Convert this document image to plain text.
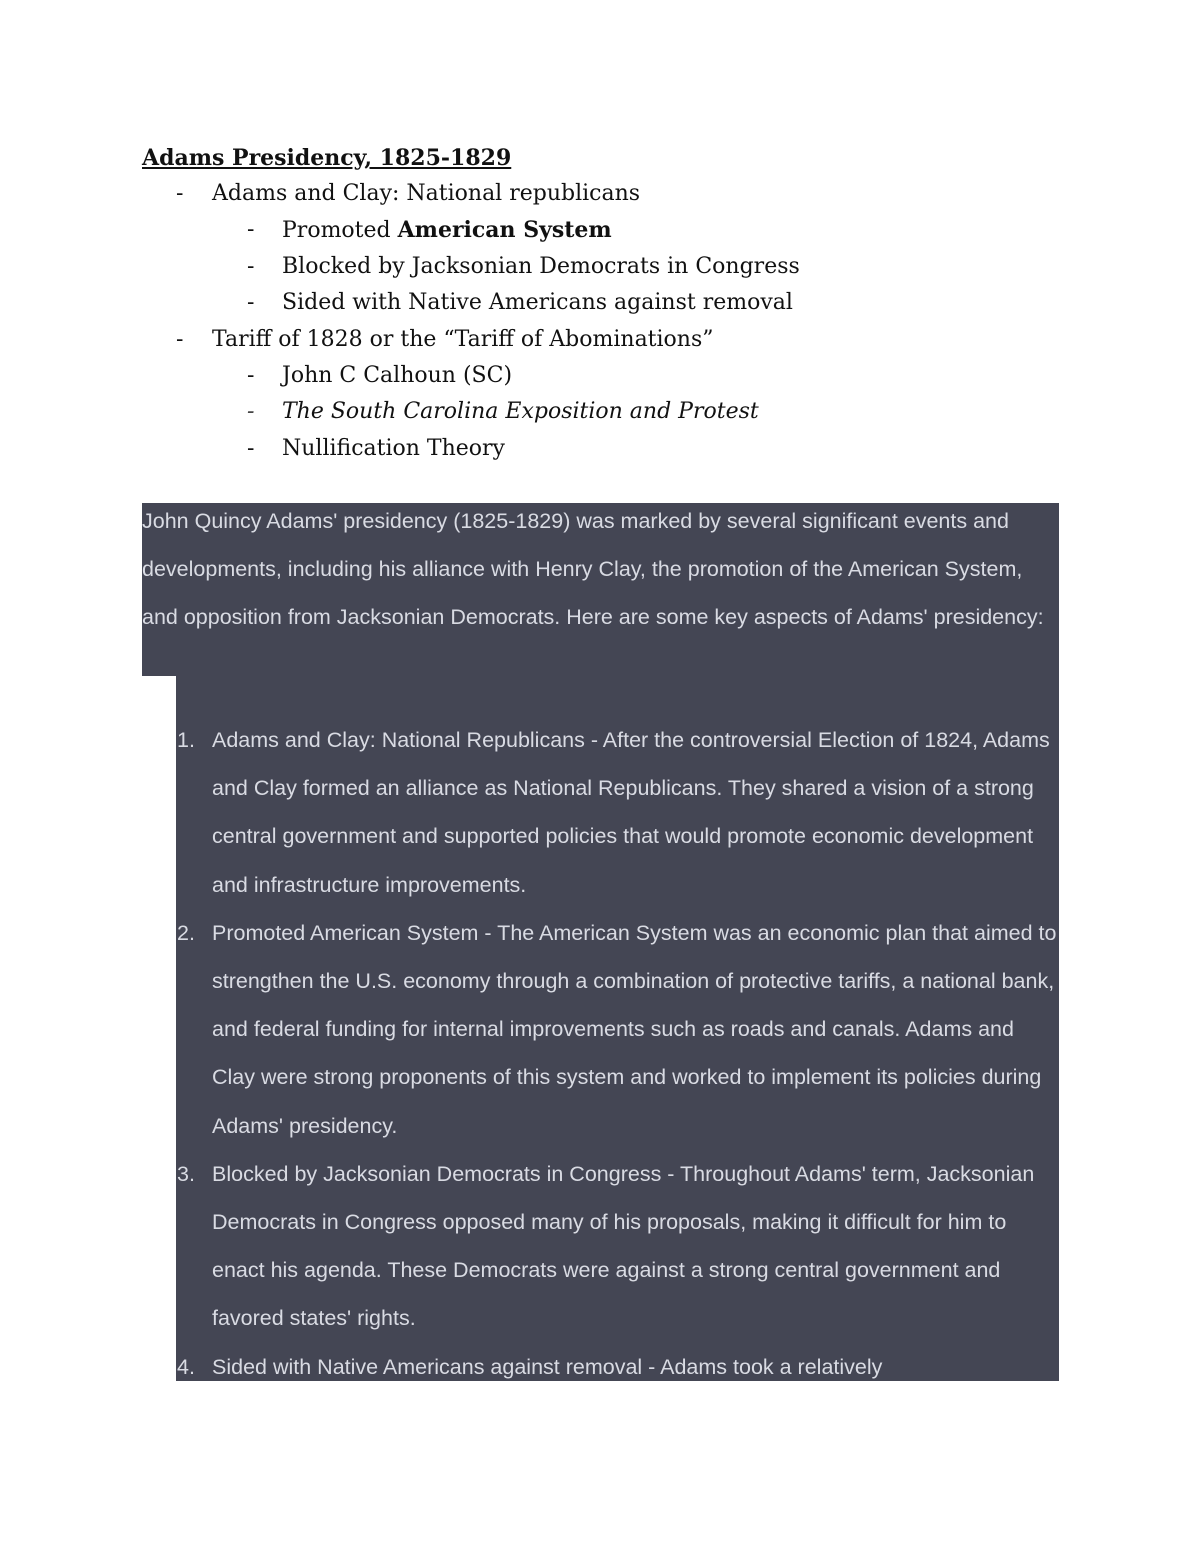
Adams Presidency, 1825-1829
- Adams and Clay: National republicans
- Promoted American System
- Blocked by Jacksonian Democrats in Congress
- Sided with Native Americans against removal
- Tariff of 1828 or the “Tariff of Abominations”
- John C Calhoun (SC)
- The South Carolina Exposition and Protest
- Nullification Theory

John Quincy Adams' presidency (1825-1829) was marked by several significant events and developments, including his alliance with Henry Clay, the promotion of the American System, and opposition from Jacksonian Democrats. Here are some key aspects of Adams' presidency:

1. Adams and Clay: National Republicans - After the controversial Election of 1824, Adams and Clay formed an alliance as National Republicans. They shared a vision of a strong central government and supported policies that would promote economic development and infrastructure improvements.
2. Promoted American System - The American System was an economic plan that aimed to strengthen the U.S. economy through a combination of protective tariffs, a national bank, and federal funding for internal improvements such as roads and canals. Adams and Clay were strong proponents of this system and worked to implement its policies during Adams' presidency.
3. Blocked by Jacksonian Democrats in Congress - Throughout Adams' term, Jacksonian Democrats in Congress opposed many of his proposals, making it difficult for him to enact his agenda. These Democrats were against a strong central government and favored states' rights.
4. Sided with Native Americans against removal - Adams took a relatively
